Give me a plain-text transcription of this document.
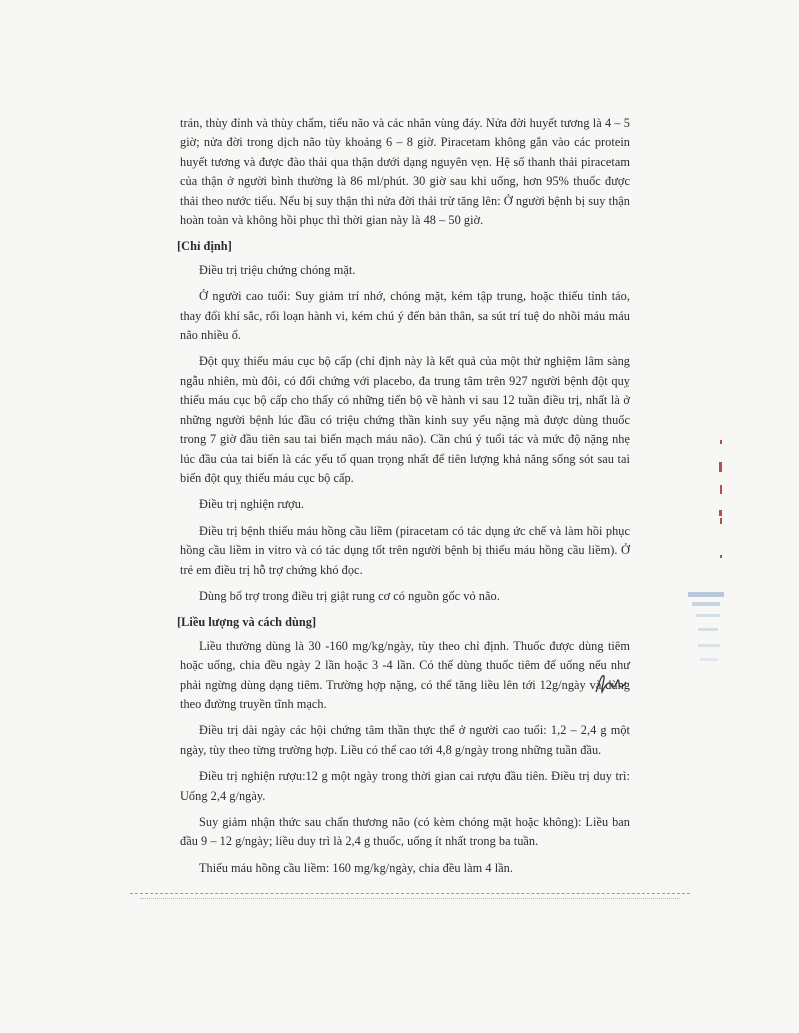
trán, thùy đỉnh và thùy chẩm, tiểu não và các nhân vùng đáy. Nửa đời huyết tương là 4 – 5 giờ; nửa đời trong dịch não tùy khoảng 6 – 8 giờ. Piracetam không gắn vào các protein huyết tương và được đào thải qua thận dưới dạng nguyên vẹn. Hệ số thanh thải piracetam của thận ở người bình thường là 86 ml/phút. 30 giờ sau khi uống, hơn 95% thuốc được thải theo nước tiểu. Nếu bị suy thận thì nửa đời thải trừ tăng lên: Ở người bệnh bị suy thận hoàn toàn và không hồi phục thì thời gian này là 48 – 50 giờ.

[Chỉ định]

Điều trị triệu chứng chóng mặt.

Ở người cao tuổi: Suy giảm trí nhớ, chóng mặt, kém tập trung, hoặc thiếu tỉnh táo, thay đổi khí sắc, rối loạn hành vi, kém chú ý đến bản thân, sa sút trí tuệ do nhồi máu máu não nhiều ổ.

Đột quỵ thiếu máu cục bộ cấp (chỉ định này là kết quả của một thử nghiệm lâm sàng ngẫu nhiên, mù đôi, có đối chứng với placebo, đa trung tâm trên 927 người bệnh đột quỵ thiếu máu cục bộ cấp cho thấy có những tiến bộ về hành vi sau 12 tuần điều trị, nhất là ở những người bệnh lúc đầu có triệu chứng thần kinh suy yếu nặng mà được dùng thuốc trong 7 giờ đầu tiên sau tai biến mạch máu não). Cần chú ý tuổi tác và mức độ nặng nhẹ lúc đầu của tai biến là các yếu tố quan trọng nhất để tiên lượng khả năng sống sót sau tai biến đột quỵ thiếu máu cục bộ cấp.

Điều trị nghiện rượu.

Điều trị bệnh thiếu máu hồng cầu liềm (piracetam có tác dụng ức chế và làm hồi phục hồng cầu liềm in vitro và có tác dụng tốt trên người bệnh bị thiếu máu hồng cầu liềm). Ở trẻ em điều trị hỗ trợ chứng khó đọc.

Dùng bổ trợ trong điều trị giật rung cơ có nguồn gốc vỏ não.

[Liều lượng và cách dùng]

Liều thường dùng là 30 -160 mg/kg/ngày, tùy theo chỉ định. Thuốc được dùng tiêm hoặc uống, chia đều ngày 2 lần hoặc 3 -4 lần. Có thể dùng thuốc tiêm để uống nếu như phải ngừng dùng dạng tiêm. Trường hợp nặng, có thể tăng liều lên tới 12g/ngày và dùng theo đường truyền tĩnh mạch.

Điều trị dài ngày các hội chứng tâm thần thực thể ở người cao tuổi: 1,2 – 2,4 g một ngày, tùy theo từng trường hợp. Liều có thể cao tới 4,8 g/ngày trong những tuần đầu.

Điều trị nghiện rượu:12 g một ngày trong thời gian cai rượu đầu tiên. Điều trị duy trì: Uống 2,4 g/ngày.

Suy giảm nhận thức sau chấn thương não (có kèm chóng mặt hoặc không): Liều ban đầu 9 – 12 g/ngày; liều duy trì là 2,4 g thuốc, uống ít nhất trong ba tuần.

Thiếu máu hồng cầu liềm: 160 mg/kg/ngày, chia đều làm 4 lần.
